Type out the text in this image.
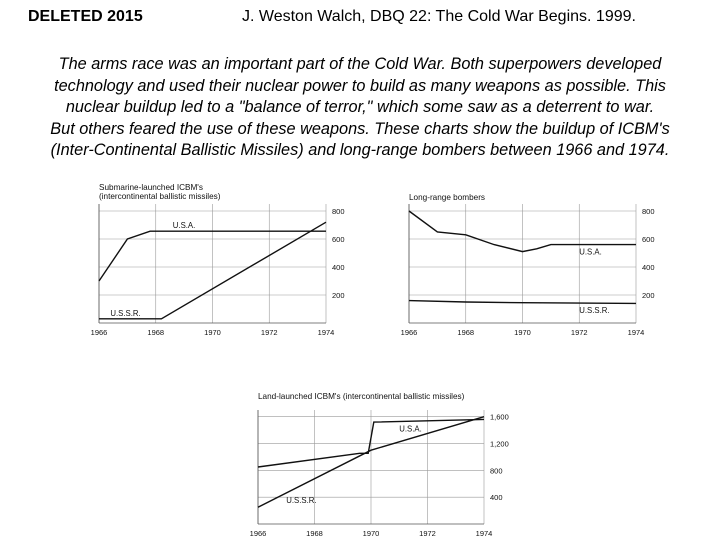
DELETED 2015	J. Weston Walch, DBQ 22: The Cold War Begins. 1999.
The arms race was an important part of the Cold War. Both superpowers developed
technology and used their nuclear power to build as many weapons as possible. This
nuclear buildup led to a "balance of terror," which some saw as a deterrent to war.
But others feared the use of these weapons. These charts show the buildup of ICBM's
(Inter-Continental Ballistic Missiles) and long-range bombers between 1966 and 1974.
Submarine-launched ICBM's
(intercontinental ballistic missiles)
200
400
600
800
1966	1968	1970	1972	1974
U.S.A.
U.S.S.R.
Long-range bombers
200
400
600
800
1966	1968	1970	1972	1974
U.S.A.
U.S.S.R.
Land-launched ICBM's (intercontinental ballistic missiles)
400
800
1,200
1,600
1966	1968	1970	1972	1974
U.S.A.
U.S.S.R.
